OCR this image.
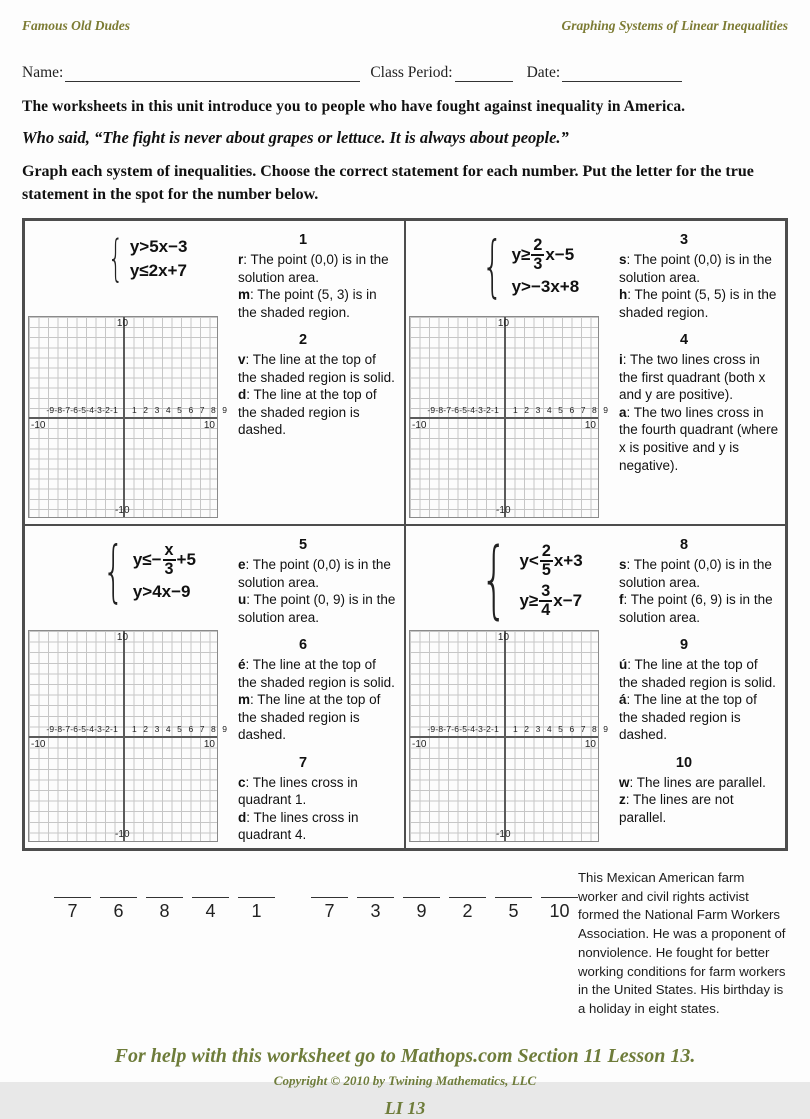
Famous Old Dudes	Graphing Systems of Linear Inequalities
Name:	Class Period:	Date:

The worksheets in this unit introduce you to people who have fought against inequality in America.

Who said, “The fight is never about grapes or lettuce. It is always about people.”

Graph each system of inequalities. Choose the correct statement for each number. Put the letter for the true statement in the spot for the number below.

{ y>5x−3
y≤2x+7
10
-10
-10	10
-9-8-7-6-5-4-3-2-1 1 2 3 4 5 6 7 8 9
1

r: The point (0,0) is in the solution area.

m: The point (5, 3) is in the shaded region.

2

v: The line at the top of the shaded region is solid.

d: The line at the top of the shaded region is dashed.

{ $y\ge \frac{2}{3} x-5$
y>−3x+8
10
-10
-10	10
-9-8-7-6-5-4-3-2-1 1 2 3 4 5 6 7 8 9
3

s: The point (0,0) is in the solution area.

h: The point (5, 5) is in the shaded region.

4

i: The two lines cross in the first quadrant (both x and y are positive).

a: The two lines cross in the fourth quadrant (where x is positive and y is negative).

{ $y\le- \frac{x}{3} +5$
y>4x−9
10
-10
-10	10
-9-8-7-6-5-4-3-2-1 1 2 3 4 5 6 7 8 9
5

e: The point (0,0) is in the solution area.

u: The point (0, 9) is in the solution area.

6

é: The line at the top of the shaded region is solid.

m: The line at the top of the shaded region is dashed.

7

c: The lines cross in quadrant 1.

d: The lines cross in quadrant 4.

{ $y< \frac{2}{5} x+3$
$y\ge \frac{3}{4} x-7$
10
-10
-10	10
-9-8-7-6-5-4-3-2-1 1 2 3 4 5 6 7 8 9
8

s: The point (0,0) is in the solution area.

f: The point (6, 9) is in the solution area.

9

ú: The line at the top of the shaded region is solid.

á: The line at the top of the shaded region is dashed.

10

w: The lines are parallel.

z: The lines are not parallel.

7 6 8 4 1	7 3 9 2 5 10

This Mexican American farm worker and civil rights activist formed the National Farm Workers Association. He was a proponent of nonviolence. He fought for better working conditions for farm workers in the United States. His birthday is a holiday in eight states.

For help with this worksheet go to Mathops.com Section 11 Lesson 13.
Copyright © 2010 by Twining Mathematics, LLC
LI 13
